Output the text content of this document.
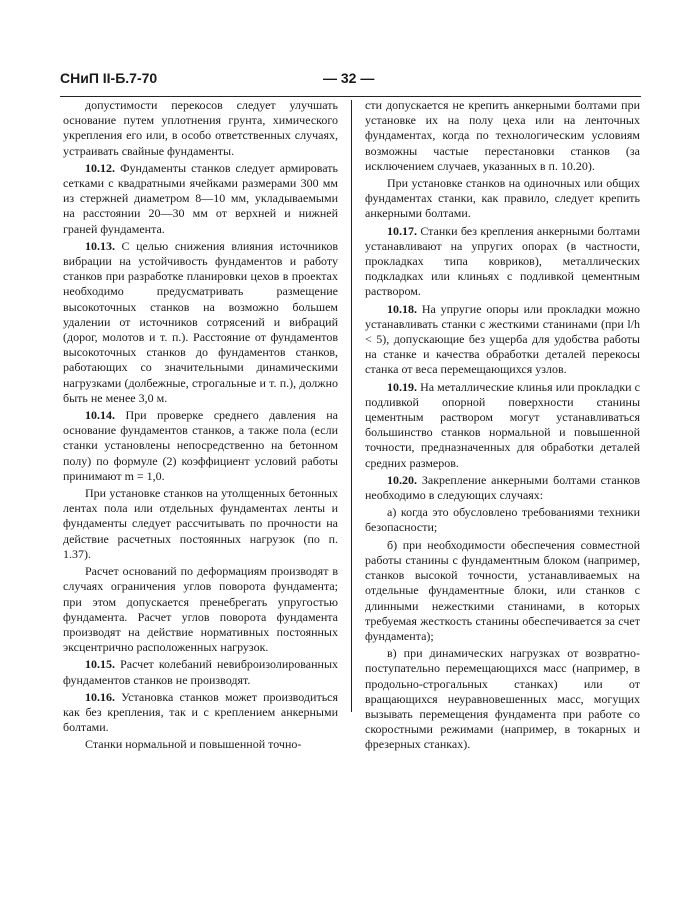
СНиП II-Б.7-70	— 32 —

допустимости перекосов следует улучшать основание путем уплотнения грунта, химического укрепления его или, в особо ответственных случаях, устраивать свайные фундаменты.

10.12. Фундаменты станков следует армировать сетками с квадратными ячейками размерами 300 мм из стержней диаметром 8—10 мм, укладываемыми на расстоянии 20—30 мм от верхней и нижней граней фундамента.

10.13. С целью снижения влияния источников вибрации на устойчивость фундаментов и работу станков при разработке планировки цехов в проектах необходимо предусматривать размещение высокоточных станков на возможно большем удалении от источников сотрясений и вибраций (дорог, молотов и т. п.). Расстояние от фундаментов высокоточных станков до фундаментов станков, работающих со значительными динамическими нагрузками (долбежные, строгальные и т. п.), должно быть не менее 3,0 м.

10.14. При проверке среднего давления на основание фундаментов станков, а также пола (если станки установлены непосредственно на бетонном полу) по формуле (2) коэффициент условий работы принимают m = 1,0.

При установке станков на утолщенных бетонных лентах пола или отдельных фундаментах ленты и фундаменты следует рассчитывать по прочности на действие расчетных постоянных нагрузок (по п. 1.37).

Расчет оснований по деформациям производят в случаях ограничения углов поворота фундамента; при этом допускается пренебрегать упругостью фундамента. Расчет углов поворота фундамента производят на действие нормативных постоянных эксцентрично расположенных нагрузок.

10.15. Расчет колебаний невиброизолированных фундаментов станков не производят.

10.16. Установка станков может производиться как без крепления, так и с креплением анкерными болтами.

Станки нормальной и повышенной точно-

сти допускается не крепить анкерными болтами при установке их на полу цеха или на ленточных фундаментах, когда по технологическим условиям возможны частые перестановки станков (за исключением случаев, указанных в п. 10.20).

При установке станков на одиночных или общих фундаментах станки, как правило, следует крепить анкерными болтами.

10.17. Станки без крепления анкерными болтами устанавливают на упругих опорах (в частности, прокладках типа ковриков), металлических подкладках или клиньях с подливкой цементным раствором.

10.18. На упругие опоры или прокладки можно устанавливать станки с жесткими станинами (при l/h < 5), допускающие без ущерба для удобства работы на станке и качества обработки деталей перекосы станка от веса перемещающихся узлов.

10.19. На металлические клинья или прокладки с подливкой опорной поверхности станины цементным раствором могут устанавливаться большинство станков нормальной и повышенной точности, предназначенных для обработки деталей средних размеров.

10.20. Закрепление анкерными болтами станков необходимо в следующих случаях:

а) когда это обусловлено требованиями техники безопасности;

б) при необходимости обеспечения совместной работы станины с фундаментным блоком (например, станков высокой точности, устанавливаемых на отдельные фундаментные блоки, или станков с длинными нежесткими станинами, в которых требуемая жесткость станины обеспечивается за счет фундамента);

в) при динамических нагрузках от возвратно-поступательно перемещающихся масс (например, в продольно-строгальных станках) или от вращающихся неуравновешенных масс, могущих вызывать перемещения фундамента при работе со скоростными режимами (например, в токарных и фрезерных станках).
